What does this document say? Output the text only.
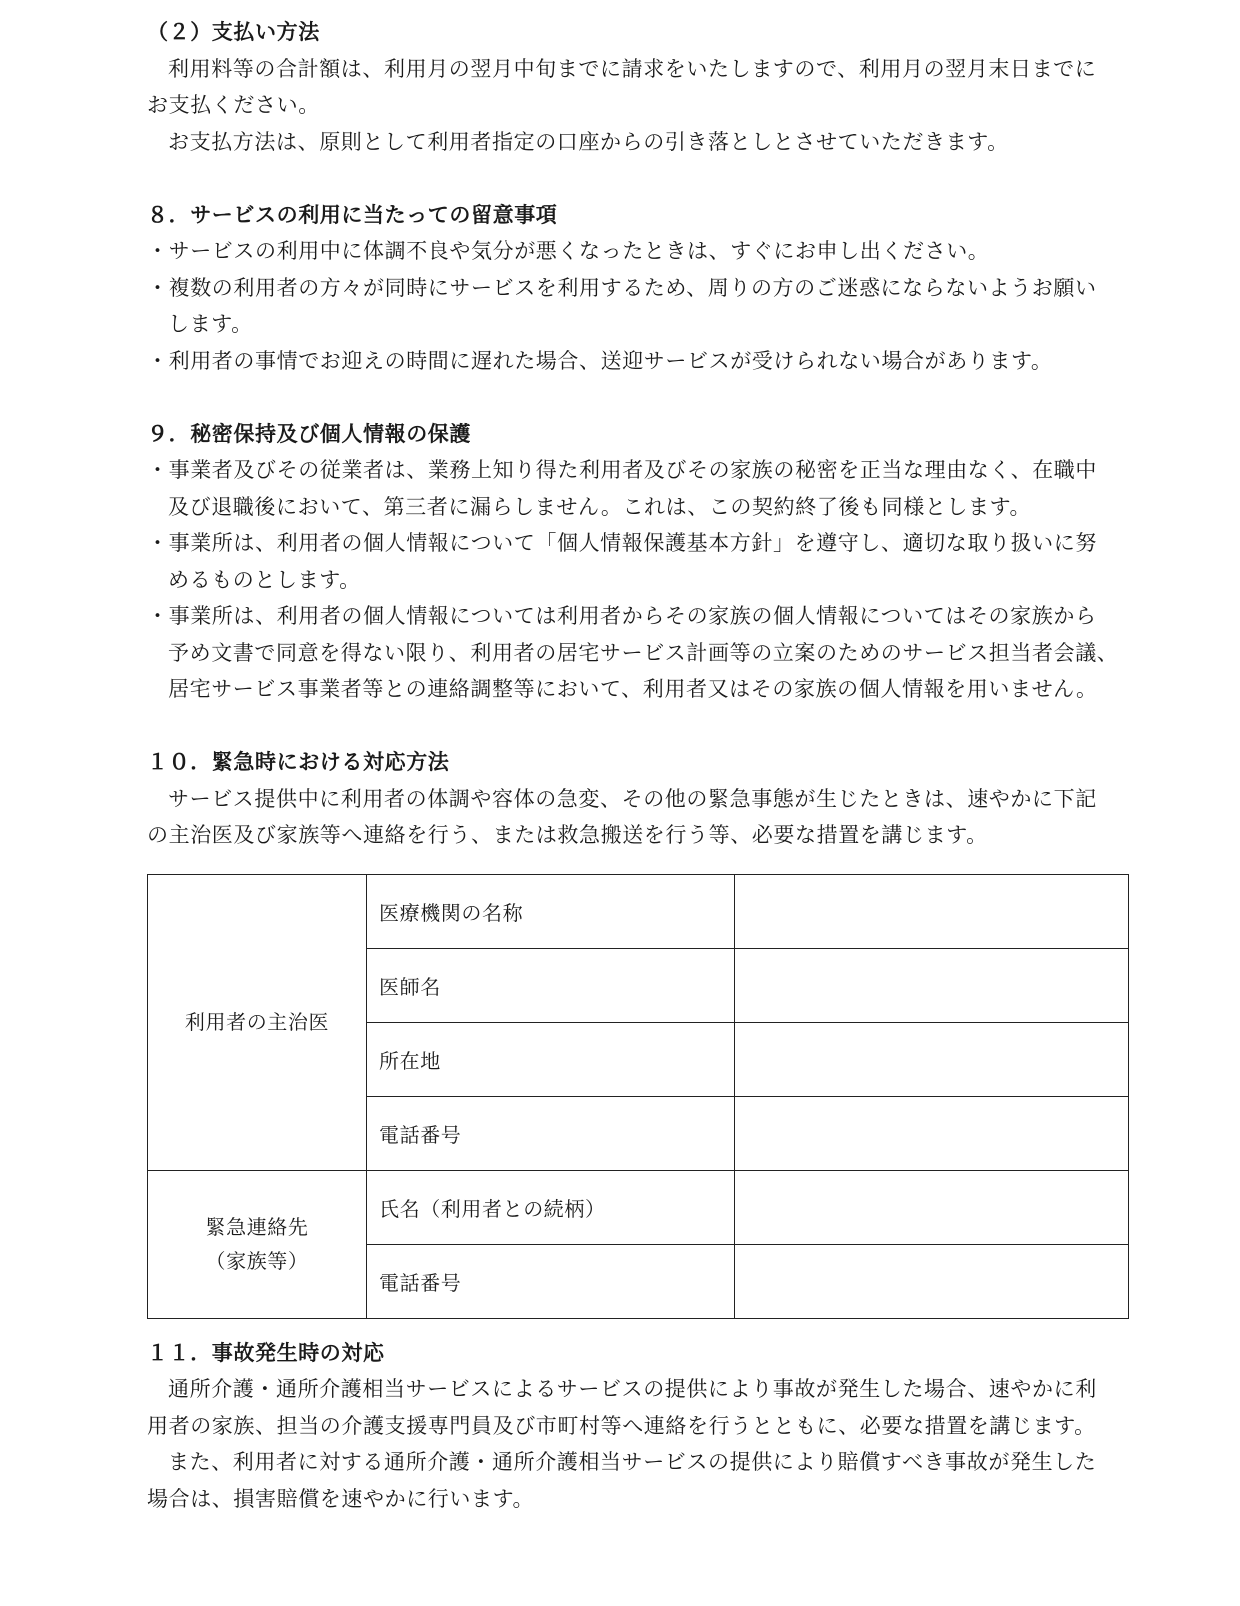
（２）支払い方法
利用料等の合計額は、利用月の翌月中旬までに請求をいたしますので、利用月の翌月末日までに
お支払ください。
お支払方法は、原則として利用者指定の口座からの引き落としとさせていただきます。
８．サービスの利用に当たっての留意事項
・サービスの利用中に体調不良や気分が悪くなったときは、すぐにお申し出ください。
・複数の利用者の方々が同時にサービスを利用するため、周りの方のご迷惑にならないようお願い
します。
・利用者の事情でお迎えの時間に遅れた場合、送迎サービスが受けられない場合があります。
９．秘密保持及び個人情報の保護
・事業者及びその従業者は、業務上知り得た利用者及びその家族の秘密を正当な理由なく、在職中
及び退職後において、第三者に漏らしません。これは、この契約終了後も同様とします。
・事業所は、利用者の個人情報について「個人情報保護基本方針」を遵守し、適切な取り扱いに努
めるものとします。
・事業所は、利用者の個人情報については利用者からその家族の個人情報についてはその家族から
予め文書で同意を得ない限り、利用者の居宅サービス計画等の立案のためのサービス担当者会議、
居宅サービス事業者等との連絡調整等において、利用者又はその家族の個人情報を用いません。
１０．緊急時における対応方法
サービス提供中に利用者の体調や容体の急変、その他の緊急事態が生じたときは、速やかに下記
の主治医及び家族等へ連絡を行う、または救急搬送を行う等、必要な措置を講じます。
利用者の主治医	医療機関の名称	
	医師名	
	所在地	
	電話番号	

緊急連絡先
（家族等）	氏名（利用者との続柄）	
	電話番号	
１１．事故発生時の対応
通所介護・通所介護相当サービスによるサービスの提供により事故が発生した場合、速やかに利
用者の家族、担当の介護支援専門員及び市町村等へ連絡を行うとともに、必要な措置を講じます。
また、利用者に対する通所介護・通所介護相当サービスの提供により賠償すべき事故が発生した
場合は、損害賠償を速やかに行います。
